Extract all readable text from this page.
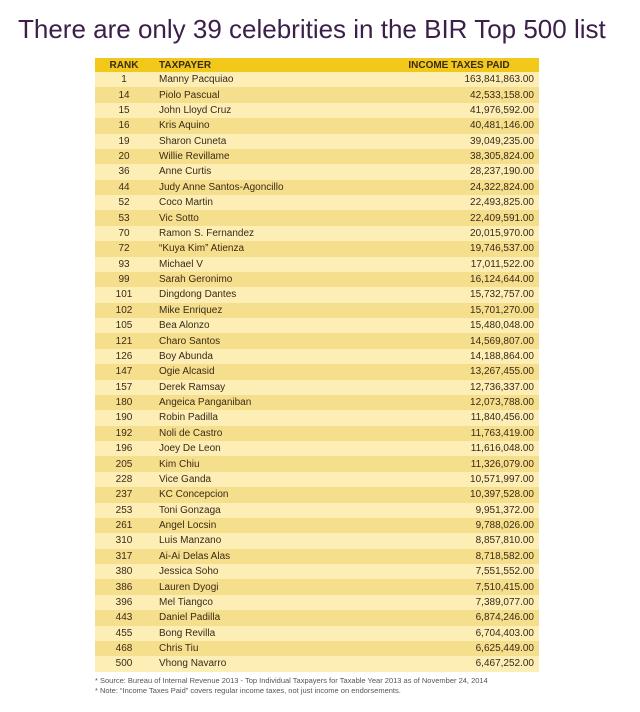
There are only 39 celebrities in the BIR Top 500 list
RANK	TAXPAYER	INCOME TAXES PAID
1	Manny Pacquiao	163,841,863.00
14	Piolo Pascual	42,533,158.00
15	John Lloyd Cruz	41,976,592.00
16	Kris Aquino	40,481,146.00
19	Sharon Cuneta	39,049,235.00
20	Willie Revillame	38,305,824.00
36	Anne Curtis	28,237,190.00
44	Judy Anne Santos-Agoncillo	24,322,824.00
52	Coco Martin	22,493,825.00
53	Vic Sotto	22,409,591.00
70	Ramon S. Fernandez	20,015,970.00
72	“Kuya Kim” Atienza	19,746,537.00
93	Michael V	17,011,522.00
99	Sarah Geronimo	16,124,644.00
101	Dingdong Dantes	15,732,757.00
102	Mike Enriquez	15,701,270.00
105	Bea Alonzo	15,480,048.00
121	Charo Santos	14,569,807.00
126	Boy Abunda	14,188,864.00
147	Ogie Alcasid	13,267,455.00
157	Derek Ramsay	12,736,337.00
180	Angeica Panganiban	12,073,788.00
190	Robin Padilla	11,840,456.00
192	Noli de Castro	11,763,419.00
196	Joey De Leon	11,616,048.00
205	Kim Chiu	11,326,079.00
228	Vice Ganda	10,571,997.00
237	KC Concepcion	10,397,528.00
253	Toni Gonzaga	9,951,372.00
261	Angel Locsin	9,788,026.00
310	Luis Manzano	8,857,810.00
317	Ai-Ai Delas Alas	8,718,582.00
380	Jessica Soho	7,551,552.00
386	Lauren Dyogi	7,510,415.00
396	Mel Tiangco	7,389,077.00
443	Daniel Padilla	6,874,246.00
455	Bong Revilla	6,704,403.00
468	Chris Tiu	6,625,449.00
500	Vhong Navarro	6,467,252.00
* Source: Bureau of Internal Revenue 2013 - Top Individual Taxpayers for Taxable Year 2013 as of November 24, 2014
* Note: “Income Taxes Paid” covers regular income taxes, not just income on endorsements.
